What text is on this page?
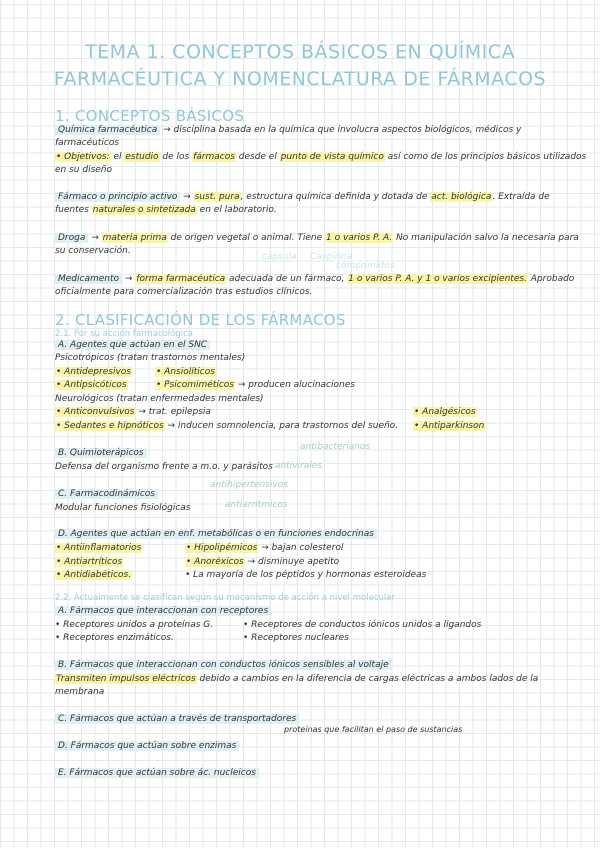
TEMA 1. CONCEPTOS BÁSICOS EN QUÍMICA
FARMACÉUTICA Y NOMENCLATURA DE FÁRMACOS
1. CONCEPTOS BÁSICOS
Química farmacéutica → disciplina basada en la química que involucra aspectos biológicos, médicos y
farmacéuticos
• Objetivos: el estudio de los fármacos desde el punto de vista químico así como de los principios básicos utilizados
en su diseño
Fármaco o principio activo → sust. pura, estructura química definida y dotada de act. biológica. Extraída de
fuentes naturales o sintetizada en el laboratorio.
Droga → materia prima de origen vegetal o animal. Tiene 1 o varios P. A. No manipulación salvo la necesaria para
su conservación.
cápsula Caspirina
comprimidos
Medicamento → forma farmacéutica adecuada de un fármaco, 1 o varios P. A. y 1 o varios excipientes. Aprobado
oficialmente para comercialización tras estudios clínicos.
2. CLASIFICACIÓN DE LOS FÁRMACOS
2.1. Por su acción farmacológica
A. Agentes que actúan en el SNC
Psicotrópicos (tratan trastornos mentales)
• Antidepresivos	• Ansiolíticos
• Antipsicóticos	• Psicomiméticos → producen alucinaciones
Neurológicos (tratan enfermedades mentales)
• Anticonvulsivos → trat. epilepsia	• Analgésicos
• Sedantes e hipnóticos → inducen somnolencia, para trastornos del sueño. • Antiparkinson
antibacterianos
B. Quimioterápicos
Defensa del organismo frente a m.o. y parásitos antivirales
antihipertensivos
C. Farmacodinámicos
Modular funciones fisiológicas	antiarrítmicos
D. Agentes que actúan en enf. metabólicas o en funciones endocrinas
• Antiinflamatorios	• Hipolipémicos → bajan colesterol
• Antiartríticos	• Anoréxicos → disminuye apetito
• Antidiabéticos.	• La mayoría de los péptidos y hormonas esteroideas
2.2. Actualmente se clasifican según su mecanismo de acción a nivel molecular
A. Fármacos que interaccionan con receptores
• Receptores unidos a proteínas G.	• Receptores de conductos iónicos unidos a ligandos
• Receptores enzimáticos.	• Receptores nucleares
B. Fármacos que interaccionan con conductos iónicos sensibles al voltaje
Transmiten impulsos eléctricos debido a cambios en la diferencia de cargas eléctricas a ambos lados de la
membrana
C. Fármacos que actúan a través de transportadores
proteínas que facilitan el paso de sustancias
D. Fármacos que actúan sobre enzimas
E. Fármacos que actúan sobre ác. nucleicos
